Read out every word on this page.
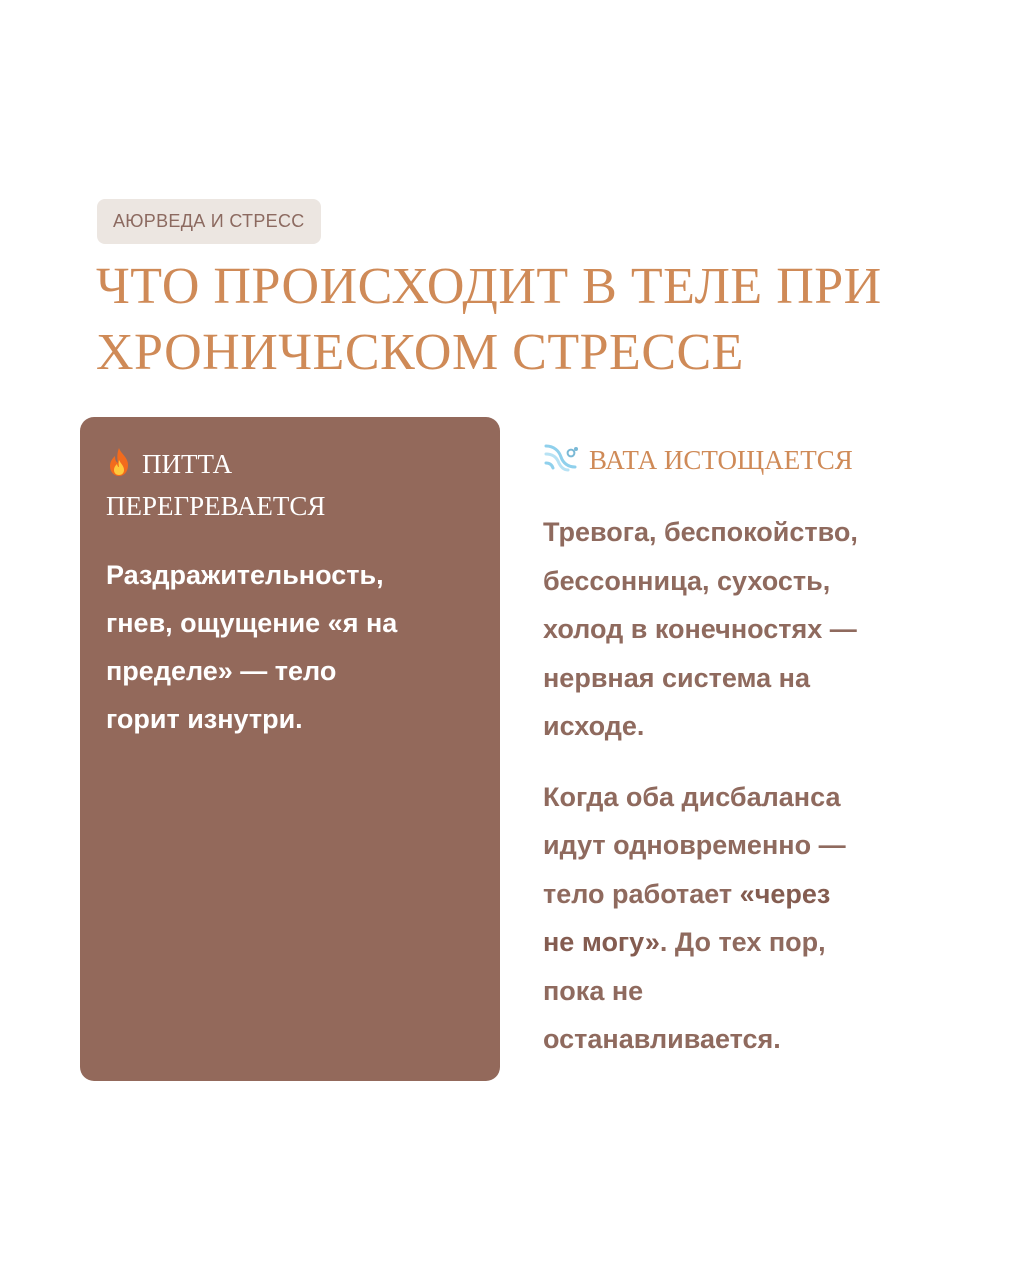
АЮРВЕДА И СТРЕСС
ЧТО ПРОИСХОДИТ В ТЕЛЕ ПРИ
ХРОНИЧЕСКОМ СТРЕССЕ
ПИТТА
ПЕРЕГРЕВАЕТСЯ

Раздражительность,
гнев, ощущение «я на
пределе» — тело
горит изнутри.

ВАТА ИСТОЩАЕТСЯ

Тревога, беспокойство,
бессонница, сухость,
холод в конечностях —
нервная система на
исходе.

Когда оба дисбаланса
идут одновременно —
тело работает «через
не могу». До тех пор,
пока не
останавливается.
